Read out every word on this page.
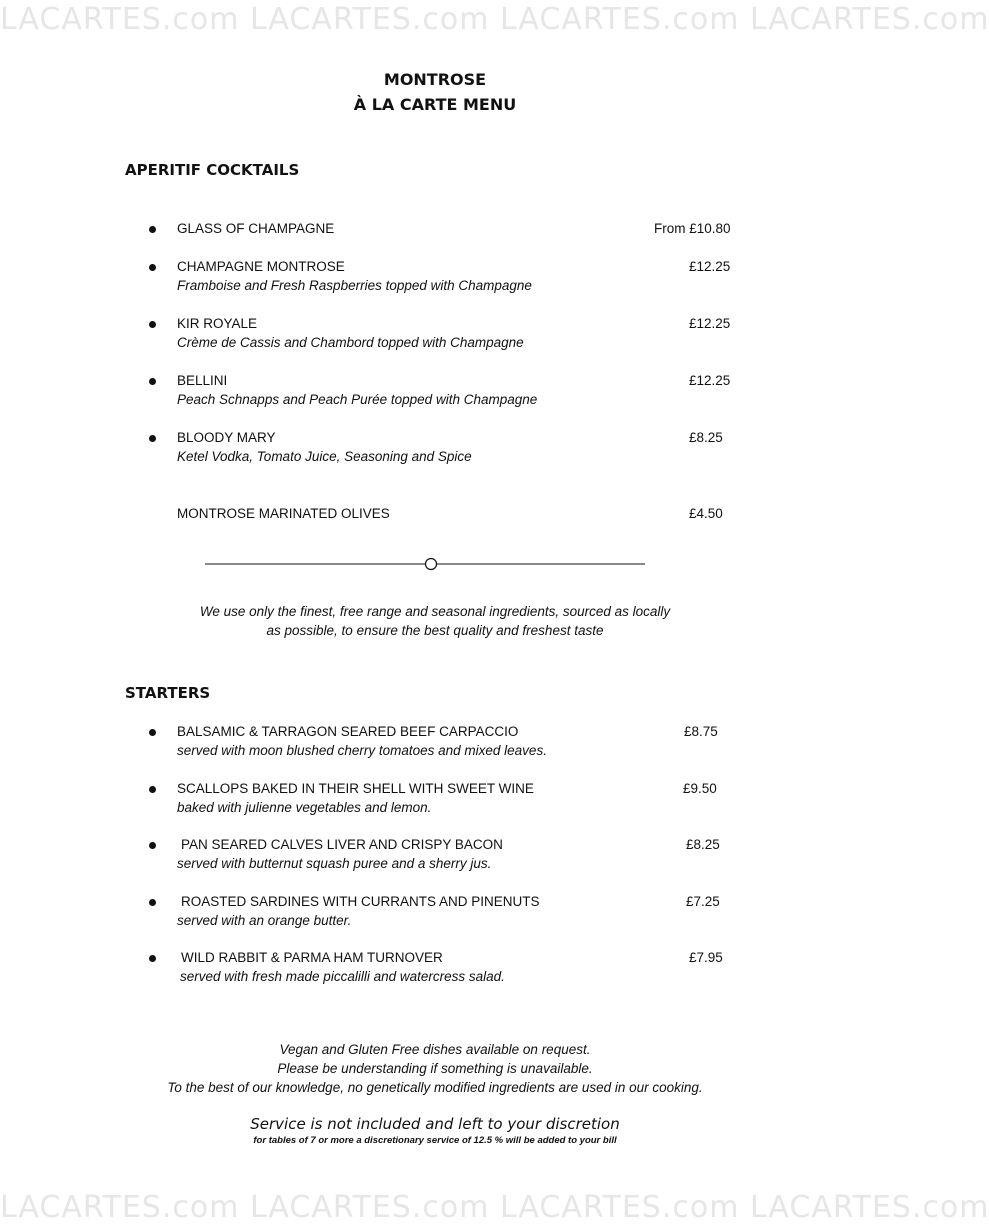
LACARTES.com LACARTES.com LACARTES.com LACARTES.com
MONTROSE
À LA CARTE MENU
APERITIF COCKTAILS
GLASS OF CHAMPAGNE	From £10.80
CHAMPAGNE MONTROSE
Framboise and Fresh Raspberries topped with Champagne
£12.25
KIR ROYALE
Crème de Cassis and Chambord topped with Champagne
£12.25
BELLINI
Peach Schnapps and Peach Purée topped with Champagne
£12.25
BLOODY MARY
Ketel Vodka, Tomato Juice, Seasoning and Spice
£8.25
MONTROSE MARINATED OLIVES	£4.50
We use only the finest, free range and seasonal ingredients, sourced as locally
as possible, to ensure the best quality and freshest taste
STARTERS
BALSAMIC & TARRAGON SEARED BEEF CARPACCIO
served with moon blushed cherry tomatoes and mixed leaves.
£8.75
SCALLOPS BAKED IN THEIR SHELL WITH SWEET WINE
baked with julienne vegetables and lemon.
£9.50
PAN SEARED CALVES LIVER AND CRISPY BACON
served with butternut squash puree and a sherry jus.
£8.25
ROASTED SARDINES WITH CURRANTS AND PINENUTS
served with an orange butter.
£7.25
WILD RABBIT & PARMA HAM TURNOVER
served with fresh made piccalilli and watercress salad.
£7.95
Vegan and Gluten Free dishes available on request.
Please be understanding if something is unavailable.
To the best of our knowledge, no genetically modified ingredients are used in our cooking.
Service is not included and left to your discretion
for tables of 7 or more a discretionary service of 12.5 % will be added to your bill
LACARTES.com LACARTES.com LACARTES.com LACARTES.com
